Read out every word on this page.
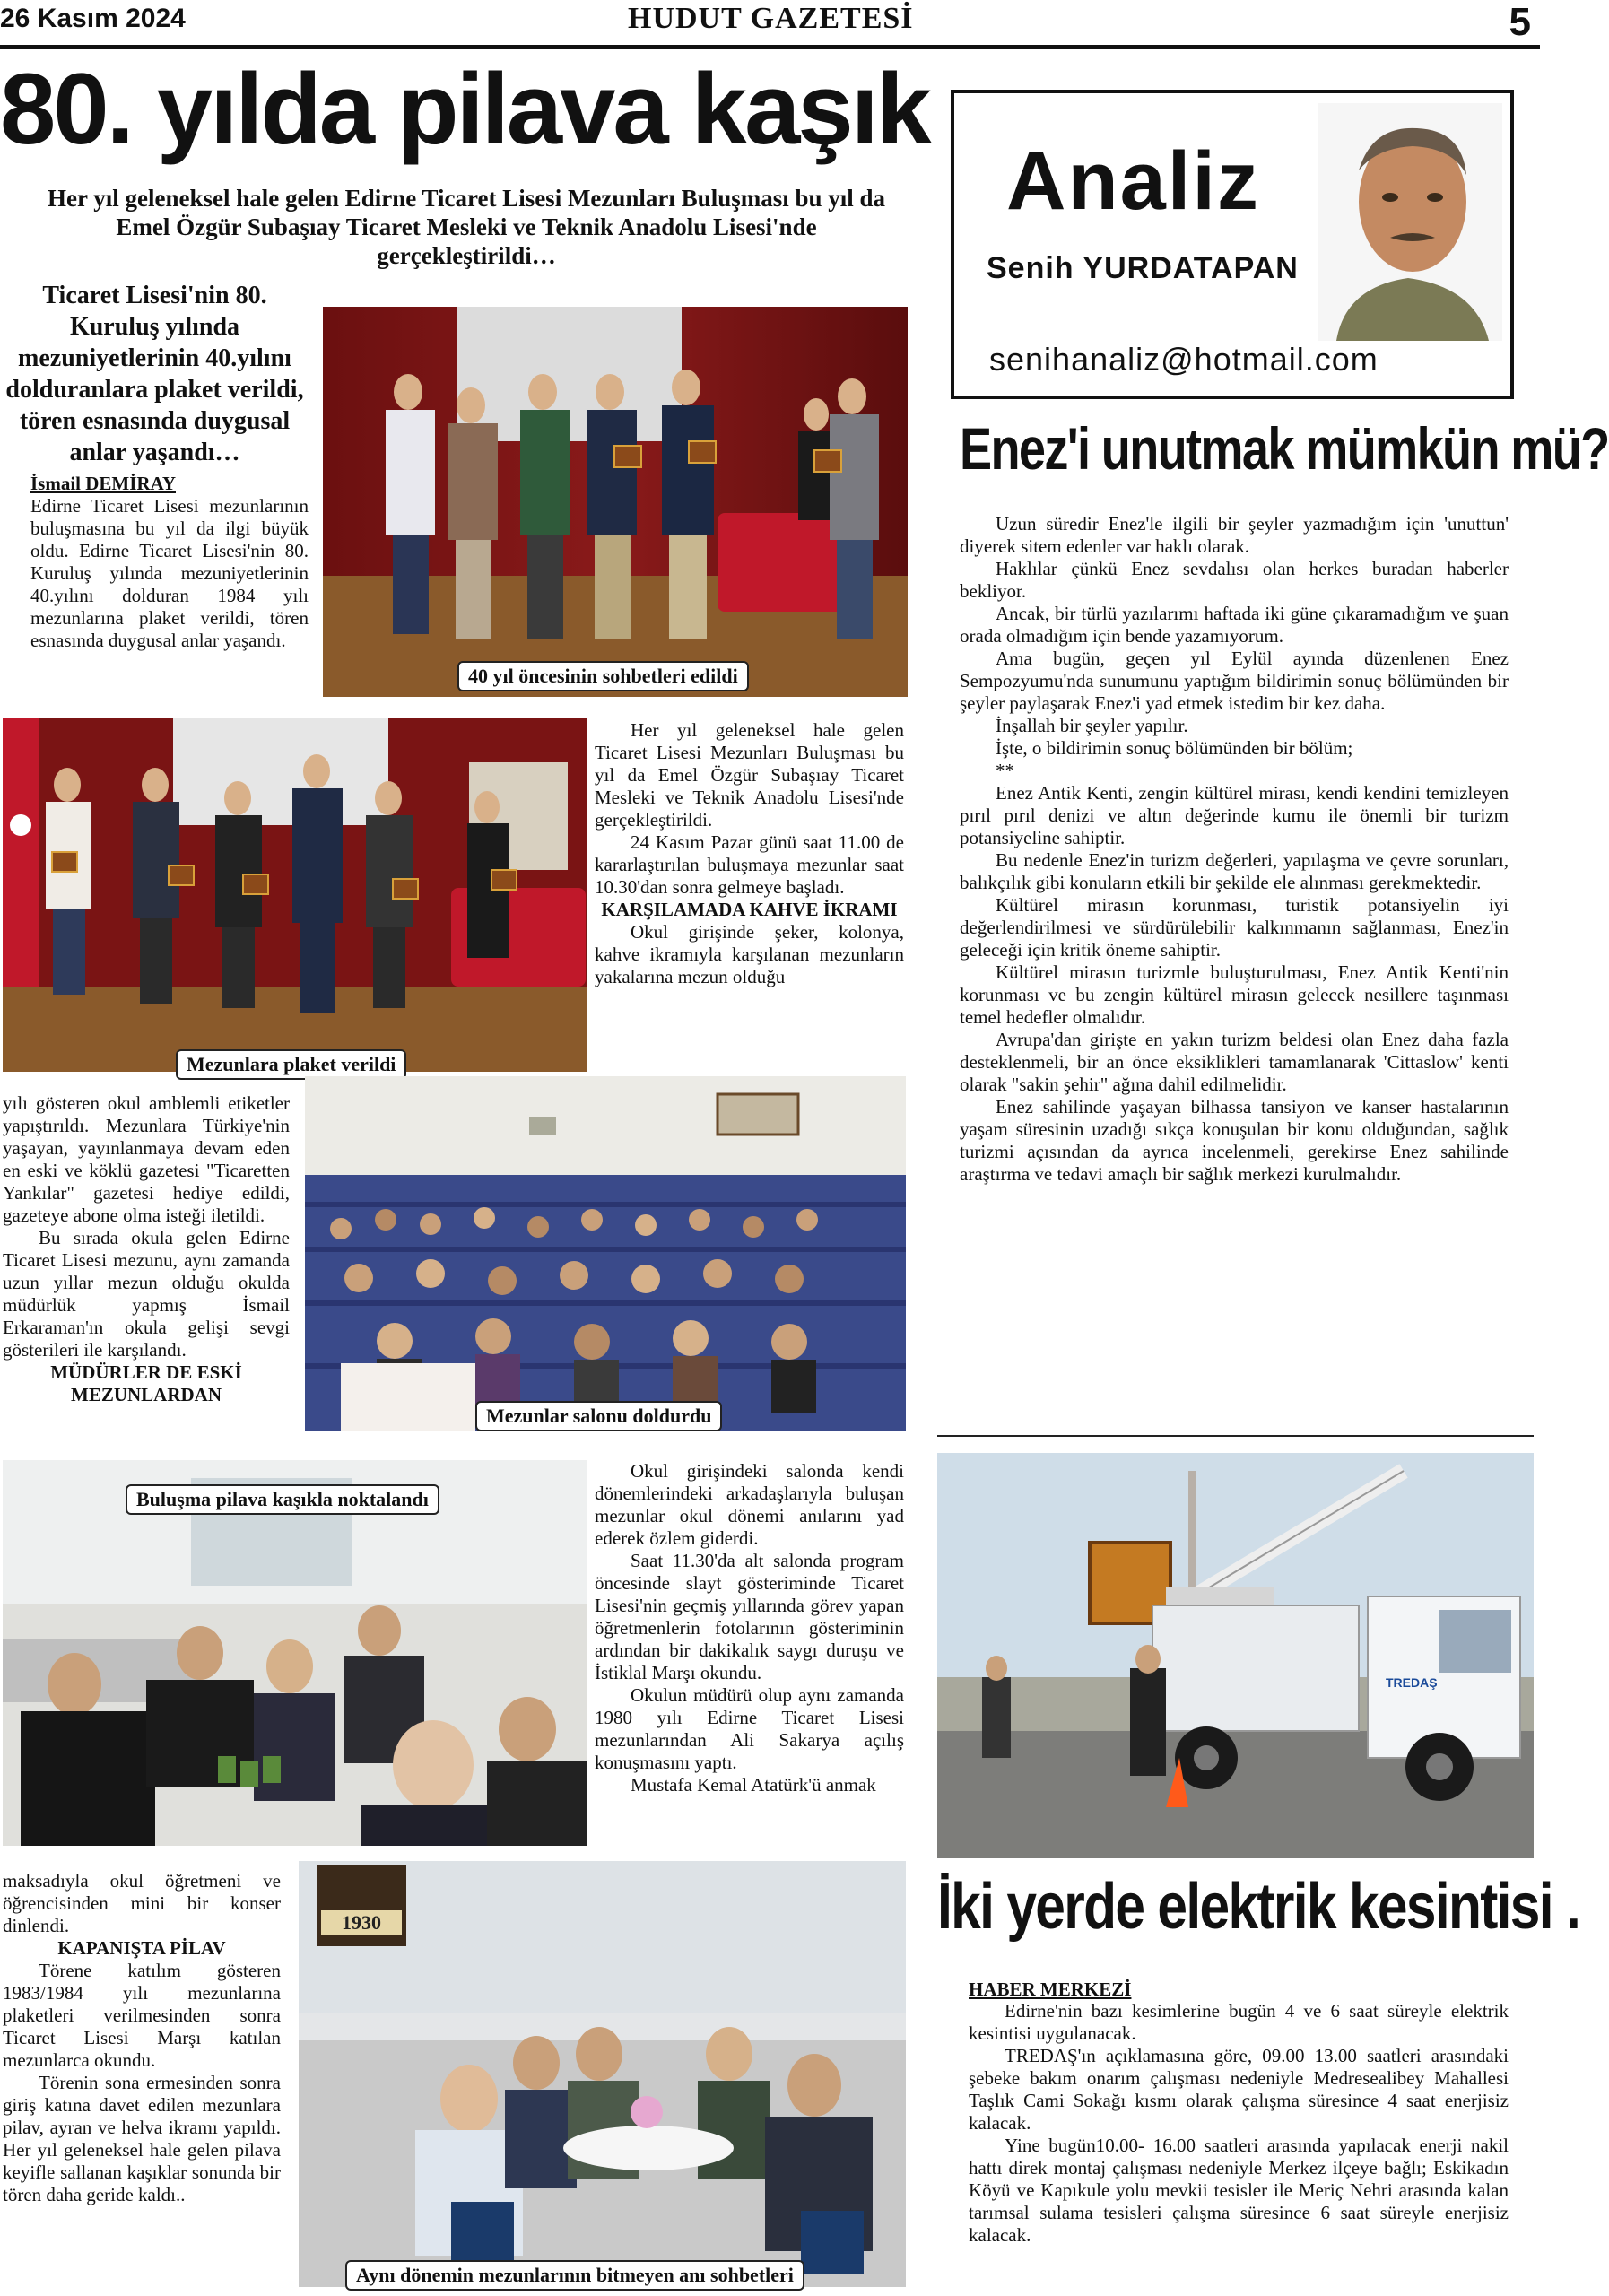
26 Kasım 2024	HUDUT GAZETESİ	5
80. yılda pilava kaşık
Her yıl geleneksel hale gelen Edirne Ticaret Lisesi Mezunları Buluşması bu yıl da Emel Özgür Subaşıay Ticaret Mesleki ve Teknik Anadolu Lisesi'nde gerçekleştirildi…
Ticaret Lisesi'nin 80. Kuruluş yılında mezuniyetlerinin 40.yılını dolduranlara plaket verildi, tören esnasında duygusal anlar yaşandı…
İsmail DEMİRAY
Edirne Ticaret Lisesi mezunlarının buluşmasına bu yıl da ilgi büyük oldu. Edirne Ticaret Lisesi'nin 80. Kuruluş yılında mezuniyetlerinin 40.yılını dolduran 1984 yılı mezunlarına plaket verildi, tören esnasında duygusal anlar yaşandı.
40 yıl öncesinin sohbetleri edildi
Mezunlara plaket verildi
Her yıl geleneksel hale gelen Ticaret Lisesi Mezunları Buluşması bu yıl da Emel Özgür Subaşıay Ticaret Mesleki ve Teknik Anadolu Lisesi'nde gerçekleştirildi.
24 Kasım Pazar günü saat 11.00 de kararlaştırılan buluşmaya mezunlar saat 10.30'dan sonra gelmeye başladı.
KARŞILAMADA KAHVE İKRAMI
Okul girişinde şeker, kolonya, kahve ikramıyla karşılanan mezunların yakalarına mezun olduğu
yılı gösteren okul amblemli etiketler yapıştırıldı. Mezunlara Türkiye'nin yaşayan, yayınlanmaya devam eden en eski ve köklü gazetesi "Ticaretten Yankılar" gazetesi hediye edildi, gazeteye abone olma isteği iletildi.
Bu sırada okula gelen Edirne Ticaret Lisesi mezunu, aynı zamanda uzun yıllar mezun olduğu okulda müdürlük yapmış İsmail Erkaraman'ın okula gelişi sevgi gösterileri ile karşılandı.
MÜDÜRLER DE ESKİ MEZUNLARDAN
Mezunlar salonu doldurdu
Buluşma pilava kaşıkla noktalandı
Okul girişindeki salonda kendi dönemlerindeki arkadaşlarıyla buluşan mezunlar okul dönemi anılarını yad ederek özlem giderdi.
Saat 11.30'da alt salonda program öncesinde slayt gösteriminde Ticaret Lisesi'nin geçmiş yıllarında görev yapan öğretmenlerin fotolarının gösteriminin ardından bir dakikalık saygı duruşu ve İstiklal Marşı okundu.
Okulun müdürü olup aynı zamanda 1980 yılı Edirne Ticaret Lisesi mezunlarından Ali Sakarya açılış konuşmasını yaptı.
Mustafa Kemal Atatürk'ü anmak
maksadıyla okul öğretmeni ve öğrencisinden mini bir konser dinlendi.
KAPANIŞTA PİLAV
Törene katılım gösteren 1983/1984 yılı mezunlarına plaketleri verilmesinden sonra Ticaret Lisesi Marşı katılan mezunlarca okundu.
Törenin sona ermesinden sonra giriş katına davet edilen mezunlara pilav, ayran ve helva ikramı yapıldı. Her yıl geleneksel hale gelen pilava keyifle sallanan kaşıklar sonunda bir tören daha geride kaldı..
1930
Aynı dönemin mezunlarının bitmeyen anı sohbetleri
Analiz
Senih YURDATAPAN
senihanaliz@hotmail.com
Enez'i unutmak mümkün mü?
Uzun süredir Enez'le ilgili bir şeyler yazmadığım için 'unuttun' diyerek sitem edenler var haklı olarak.
Haklılar çünkü Enez sevdalısı olan herkes buradan haberler bekliyor.
Ancak, bir türlü yazılarımı haftada iki güne çıkaramadığım ve şuan orada olmadığım için bende yazamıyorum.
Ama bugün, geçen yıl Eylül ayında düzenlenen Enez Sempozyumu'nda sunumunu yaptığım bildirimin sonuç bölümünden bir şeyler paylaşarak Enez'i yad etmek istedim bir kez daha.
İnşallah bir şeyler yapılır.
İşte, o bildirimin sonuç bölümünden bir bölüm;
**
Enez Antik Kenti, zengin kültürel mirası, kendi kendini temizleyen pırıl pırıl denizi ve altın değerinde kumu ile önemli bir turizm potansiyeline sahiptir.
Bu nedenle Enez'in turizm değerleri, yapılaşma ve çevre sorunları, balıkçılık gibi konuların etkili bir şekilde ele alınması gerekmektedir.
Kültürel mirasın korunması, turistik potansiyelin iyi değerlendirilmesi ve sürdürülebilir kalkınmanın sağlanması, Enez'in geleceği için kritik öneme sahiptir.
Kültürel mirasın turizmle buluşturulması, Enez Antik Kenti'nin korunması ve bu zengin kültürel mirasın gelecek nesillere taşınması temel hedefler olmalıdır.
Avrupa'dan girişte en yakın turizm beldesi olan Enez daha fazla desteklenmeli, bir an önce eksiklikleri tamamlanarak 'Cittaslow' kenti olarak "sakin şehir" ağına dahil edilmelidir.
Enez sahilinde yaşayan bilhassa tansiyon ve kanser hastalarının yaşam süresinin uzadığı sıkça konuşulan bir konu olduğundan, sağlık turizmi açısından da ayrıca incelenmeli, gerekirse Enez sahilinde araştırma ve tedavi amaçlı bir sağlık merkezi kurulmalıdır.
TREDAŞ
İki yerde elektrik kesintisi .
HABER MERKEZİ
Edirne'nin bazı kesimlerine bugün 4 ve 6 saat süreyle elektrik kesintisi uygulanacak.
TREDAŞ'ın açıklamasına göre, 09.00 13.00 saatleri arasındaki şebeke bakım onarım çalışması nedeniyle Medresealibey Mahallesi Taşlık Cami Sokağı kısmı olarak çalışma süresince 4 saat enerjisiz kalacak.
Yine bugün10.00- 16.00 saatleri arasında yapılacak enerji nakil hattı direk montaj çalışması nedeniyle Merkez ilçeye bağlı; Eskikadın Köyü ve Kapıkule yolu mevkii tesisler ile Meriç Nehri arasında kalan tarımsal sulama tesisleri çalışma süresince 6 saat süreyle enerjisiz kalacak.
